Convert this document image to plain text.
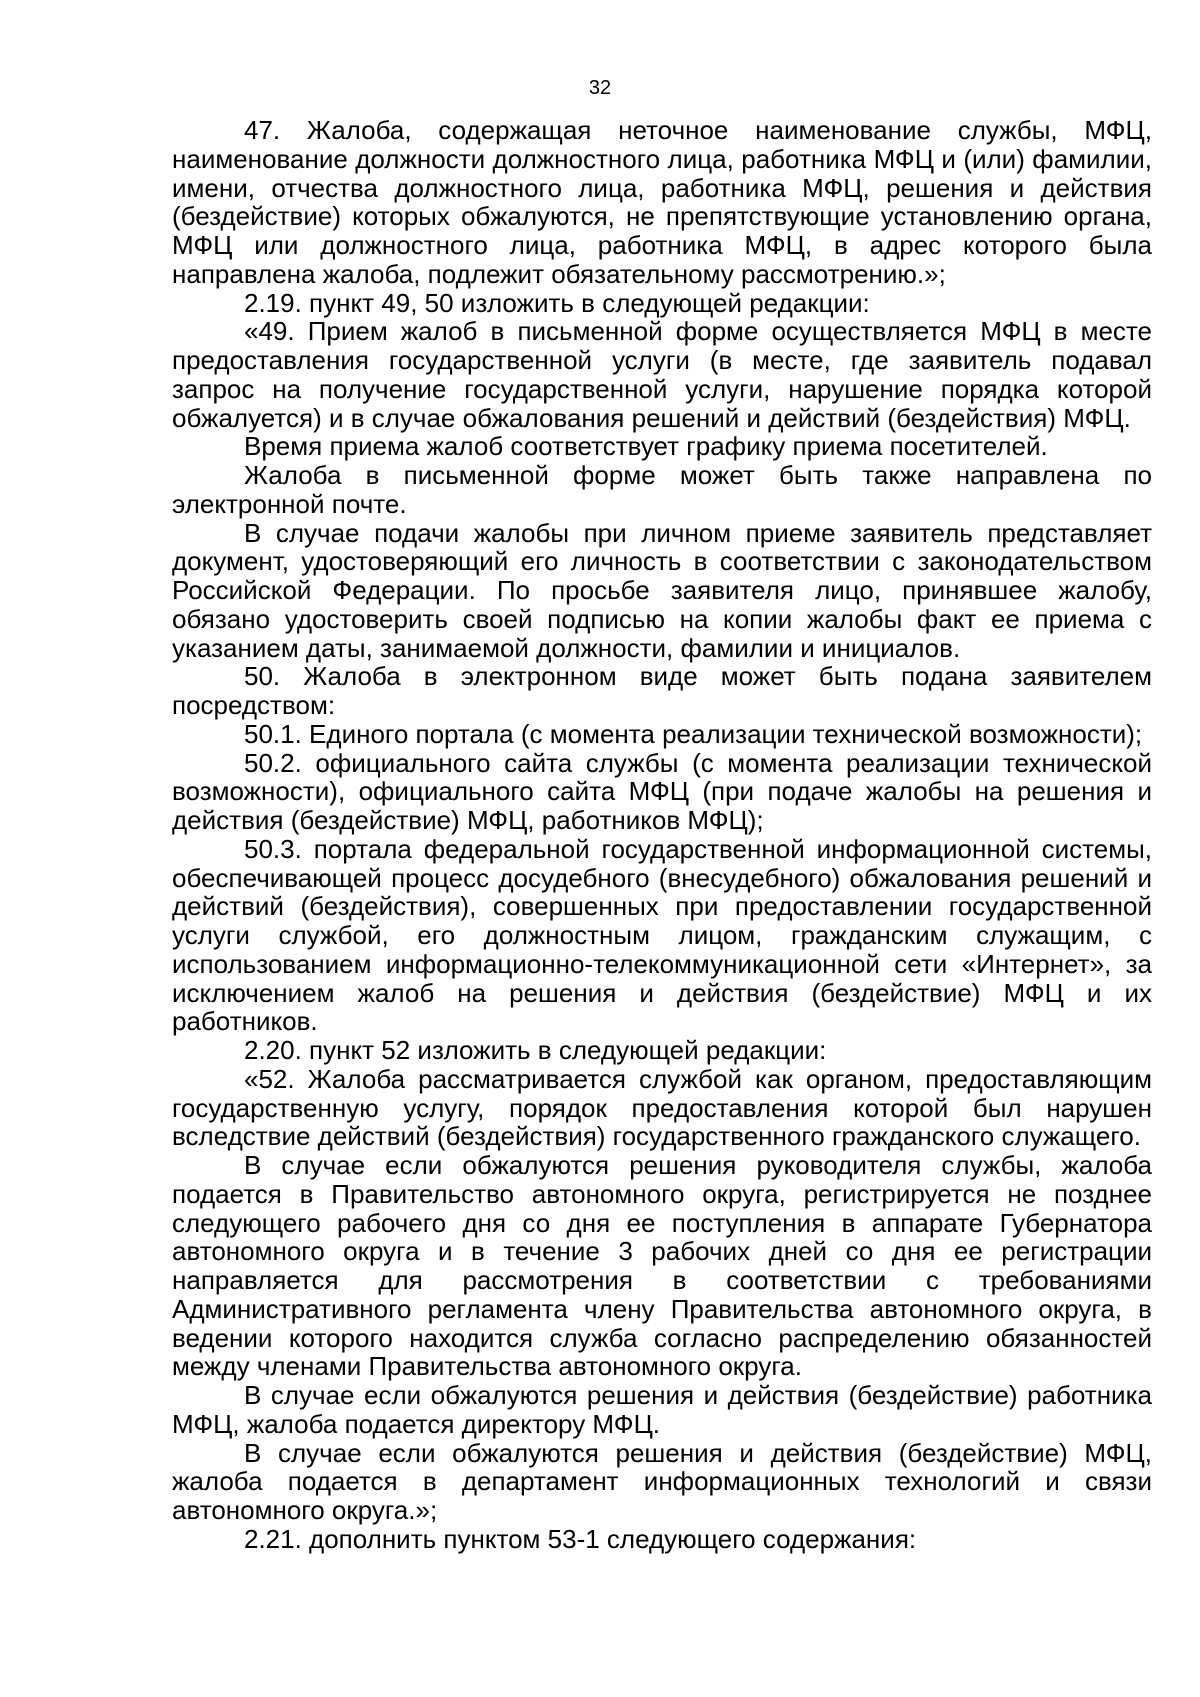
32

47. Жалоба, содержащая неточное наименование службы, МФЦ, наименование должности должностного лица, работника МФЦ и (или) фамилии, имени, отчества должностного лица, работника МФЦ, решения и действия (бездействие) которых обжалуются, не препятствующие установлению органа, МФЦ или должностного лица, работника МФЦ, в адрес которого была направлена жалоба, подлежит обязательному рассмотрению.»;

2.19. пункт 49, 50 изложить в следующей редакции:

«49. Прием жалоб в письменной форме осуществляется МФЦ в месте предоставления государственной услуги (в месте, где заявитель подавал запрос на получение государственной услуги, нарушение порядка которой обжалуется) и в случае обжалования решений и действий (бездействия) МФЦ.

Время приема жалоб соответствует графику приема посетителей.

Жалоба в письменной форме может быть также направлена по электронной почте.

В случае подачи жалобы при личном приеме заявитель представляет документ, удостоверяющий его личность в соответствии с законодательством Российской Федерации. По просьбе заявителя лицо, принявшее жалобу, обязано удостоверить своей подписью на копии жалобы факт ее приема с указанием даты, занимаемой должности, фамилии и инициалов.

50. Жалоба в электронном виде может быть подана заявителем посредством:

50.1. Единого портала (с момента реализации технической возможности);

50.2. официального сайта службы (с момента реализации технической возможности), официального сайта МФЦ (при подаче жалобы на решения и действия (бездействие) МФЦ, работников МФЦ);

50.3. портала федеральной государственной информационной системы, обеспечивающей процесс досудебного (внесудебного) обжалования решений и действий (бездействия), совершенных при предоставлении государственной услуги службой, его должностным лицом, гражданским служащим, с использованием информационно-телекоммуникационной сети «Интернет», за исключением жалоб на решения и действия (бездействие) МФЦ и их работников.

2.20. пункт 52 изложить в следующей редакции:

«52. Жалоба рассматривается службой как органом, предоставляющим государственную услугу, порядок предоставления которой был нарушен вследствие действий (бездействия) государственного гражданского служащего.

В случае если обжалуются решения руководителя службы, жалоба подается в Правительство автономного округа, регистрируется не позднее следующего рабочего дня со дня ее поступления в аппарате Губернатора автономного округа и в течение 3 рабочих дней со дня ее регистрации направляется для рассмотрения в соответствии с требованиями Административного регламента члену Правительства автономного округа, в ведении которого находится служба согласно распределению обязанностей между членами Правительства автономного округа.

В случае если обжалуются решения и действия (бездействие) работника МФЦ, жалоба подается директору МФЦ.

В случае если обжалуются решения и действия (бездействие) МФЦ, жалоба подается в департамент информационных технологий и связи автономного округа.»;

2.21. дополнить пунктом 53-1 следующего содержания:
